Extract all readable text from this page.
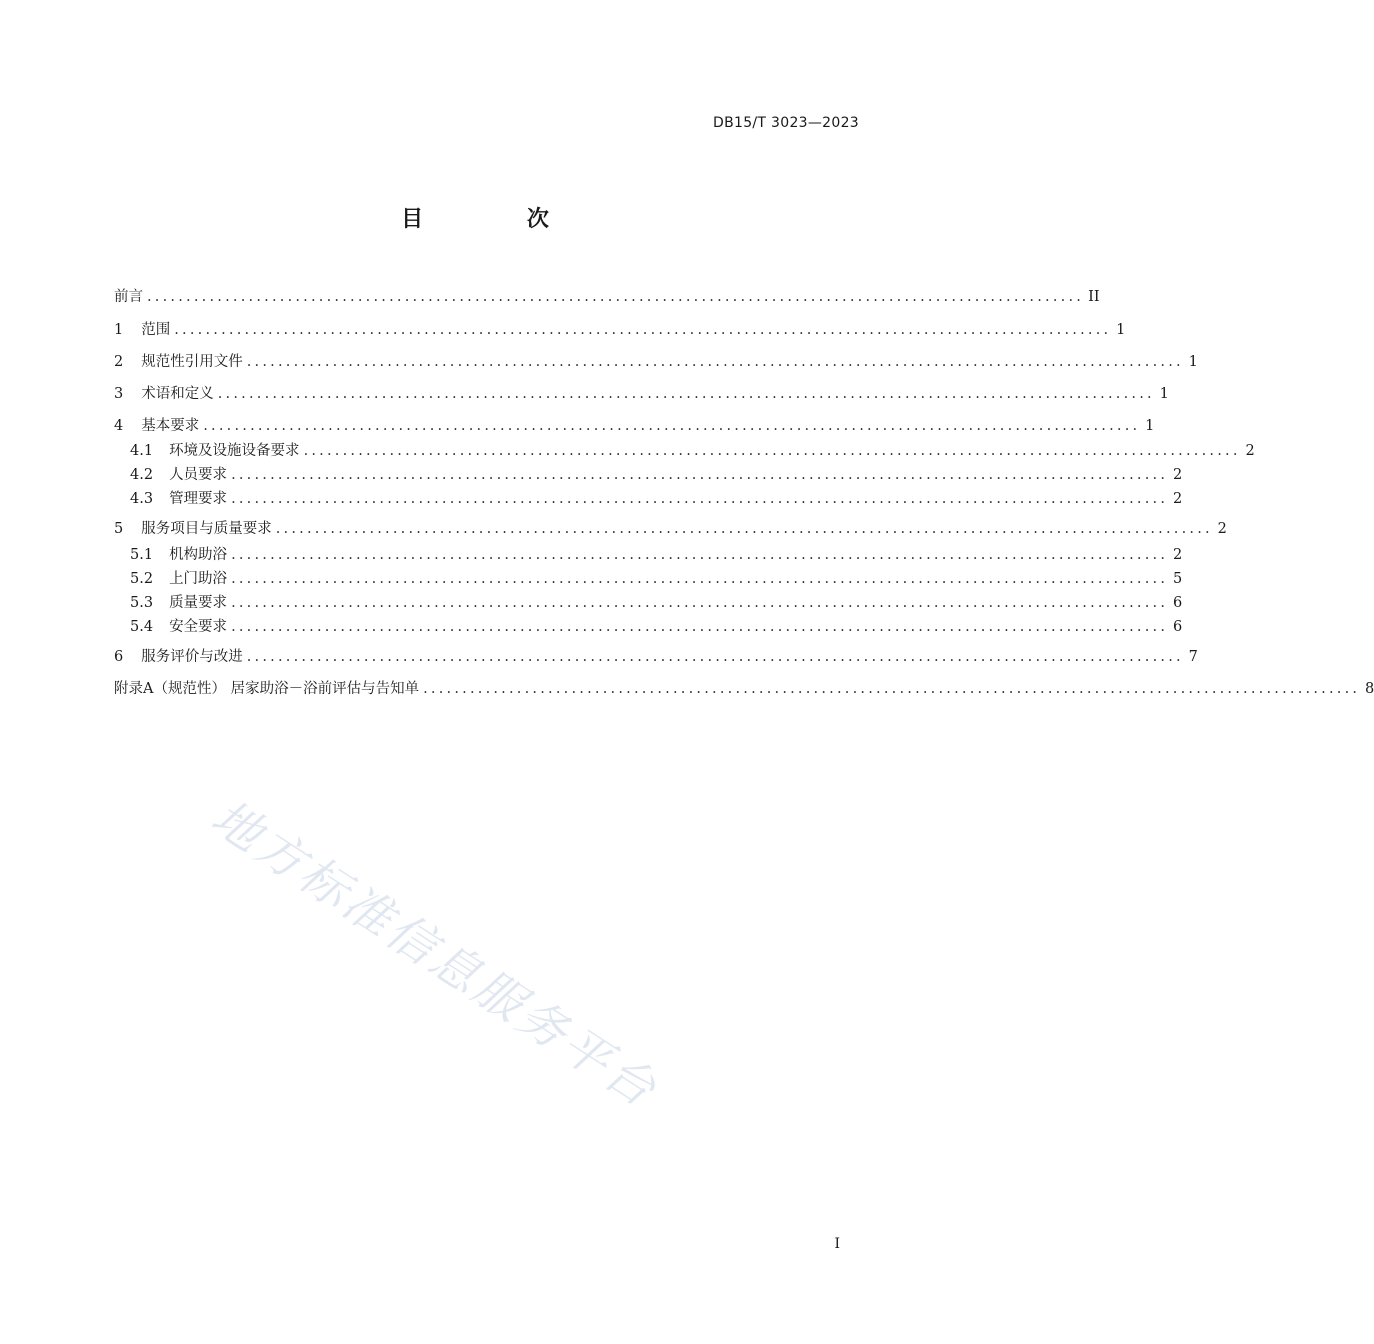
DB15/T 3023—2023
目 次
前言 ........................................................................................................................ II
1 范围 ........................................................................................................................ 1
2 规范性引用文件 ........................................................................................................................ 1
3 术语和定义 ........................................................................................................................ 1
4 基本要求 ........................................................................................................................ 1
4.1 环境及设施设备要求 ........................................................................................................................ 2
4.2 人员要求 ........................................................................................................................ 2
4.3 管理要求 ........................................................................................................................ 2
5 服务项目与质量要求 ........................................................................................................................ 2
5.1 机构助浴 ........................................................................................................................ 2
5.2 上门助浴 ........................................................................................................................ 5
5.3 质量要求 ........................................................................................................................ 6
5.4 安全要求 ........................................................................................................................ 6
6 服务评价与改进 ........................................................................................................................ 7
附录A（规范性） 居家助浴－浴前评估与告知单 ........................................................................................................................ 8
地方标准信息服务平台
I
